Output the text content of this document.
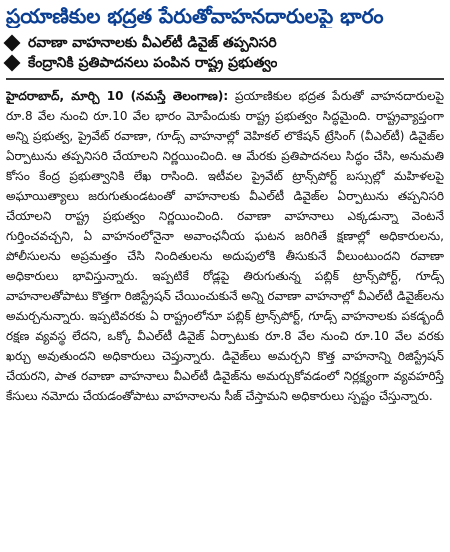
ప్రయాణికుల భద్రత పేరుతోవాహనదారులపై భారం
రవాణా వాహనాలకు వీఎల్‌టీ డివైజ్ తప్పనిసరి
కేంద్రానికి ప్రతిపాదనలు పంపిన రాష్ట్ర ప్రభుత్వం
హైదరాబాద్, మార్చి 10 (నమస్తే తెలంగాణ): ప్రయాణికుల భద్రత పేరుతో వాహనదారులపై రూ.8 వేల నుంచి రూ.10 వేల భారం మోపేందుకు రాష్ట్ర ప్రభుత్వం సిద్ధమైంది. రాష్ట్రవ్యాప్తంగా అన్ని ప్రభుత్వ, ప్రైవేట్ రవాణా, గూడ్స్ వాహనాల్లో వెహికల్ లొకేషన్ ట్రేసింగ్ (వీఎల్‌టీ) డివైజ్‌ల ఏర్పాటును తప్పనిసరి చేయాలని నిర్ణయించింది. ఆ మేరకు ప్రతిపాదనలు సిద్ధం చేసి, అనుమతి కోసం కేంద్ర ప్రభుత్వానికి లేఖ రాసింది. ఇటీవల ప్రైవేట్ ట్రాన్స్‌పోర్ట్ బస్సుల్లో మహిళలపై అఘాయిత్యాలు జరుగుతుండటంతో వాహనాలకు వీఎల్‌టీ డివైజ్‌ల ఏర్పాటును తప్పనిసరి చేయాలని రాష్ట్ర ప్రభుత్వం నిర్ణయించింది. రవాణా వాహనాలు ఎక్కడున్నా వెంటనే గుర్తించవచ్చని, ఏ వాహనంలోనైనా అవాంఛనీయ ఘటన జరిగితే క్షణాల్లో అధికారులను, పోలీసులను అప్రమత్తం చేసి నిందితులను అదుపులోకి తీసుకునే వీలుంటుందని రవాణా అధికారులు భావిస్తున్నారు. ఇప్పటికే రోడ్లపై తిరుగుతున్న పబ్లిక్ ట్రాన్స్‌పోర్ట్, గూడ్స్ వాహనాలతోపాటు కొత్తగా రిజిస్ట్రేషన్ చేయించుకునే అన్ని రవాణా వాహనాల్లో వీఎల్‌టీ డివైజ్‌లను అమర్చనున్నారు. ఇప్పటివరకు ఏ రాష్ట్రంలోనూ పబ్లిక్ ట్రాన్స్‌పోర్ట్, గూడ్స్ వాహనాలకు పకడ్బందీ రక్షణ వ్యవస్థ లేదని, ఒక్కో వీఎల్‌టీ డివైజ్ ఏర్పాటుకు రూ.8 వేల నుంచి రూ.10 వేల వరకు ఖర్చు అవుతుందని అధికారులు చెప్తున్నారు. డివైజ్‌లు అమర్చని కొత్త వాహనాన్ని రిజిస్ట్రేషన్ చేయరని, పాత రవాణా వాహనాలు వీఎల్‌టీ డివైజ్‌ను అమర్చుకోవడంలో నిర్లక్ష్యంగా వ్యవహరిస్తే కేసులు నమోదు చేయడంతోపాటు వాహనాలను సీజ్ చేస్తామని అధికారులు స్పష్టం చేస్తున్నారు.
